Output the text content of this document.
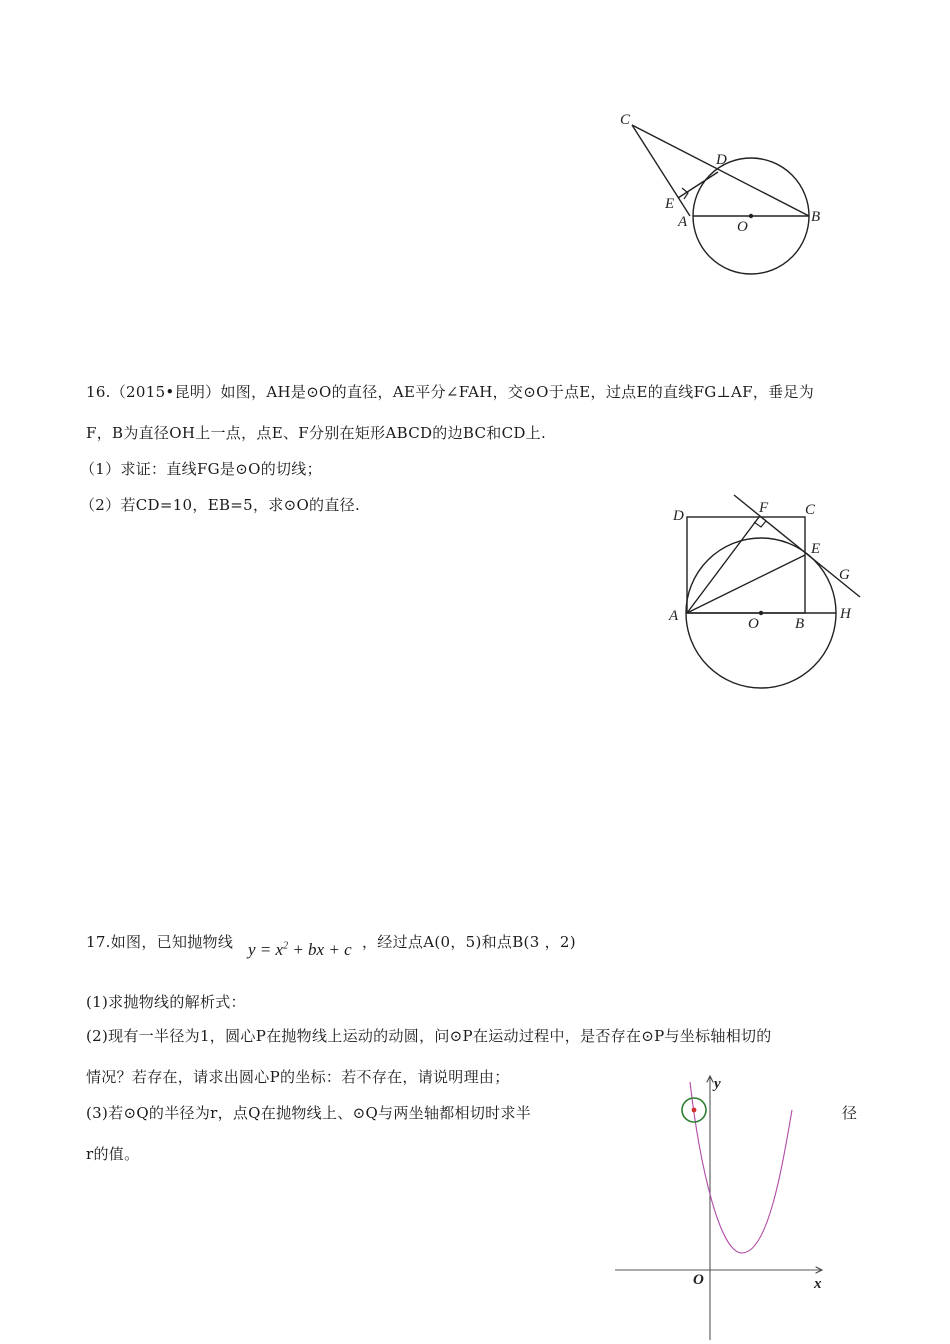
C
D
E
A	O
B
16.（2015•昆明）如图，AH是⊙O的直径，AE平分∠FAH，交⊙O于点E，过点E的直线FG⊥AF，垂足为
F，B为直径OH上一点，点E、F分别在矩形ABCD的边BC和CD上.
（1）求证：直线FG是⊙O的切线；
（2）若CD=10，EB=5，求⊙O的直径.
D	F C
E
G
A	O B
H
17.如图，已知抛物线 $y = x^2$ + bx + c ，经过点A(0，5)和点B(3 ，2)
(1)求抛物线的解析式：
(2)现有一半径为1，圆心P在抛物线上运动的动圆，问⊙P在运动过程中，是否存在⊙P与坐标轴相切的
情况？若存在，请求出圆心P的坐标：若不存在，请说明理由；
(3)若⊙Q的半径为r，点Q在抛物线上、⊙Q与两坐轴都相切时求半	径
r的值。
y
x
O
